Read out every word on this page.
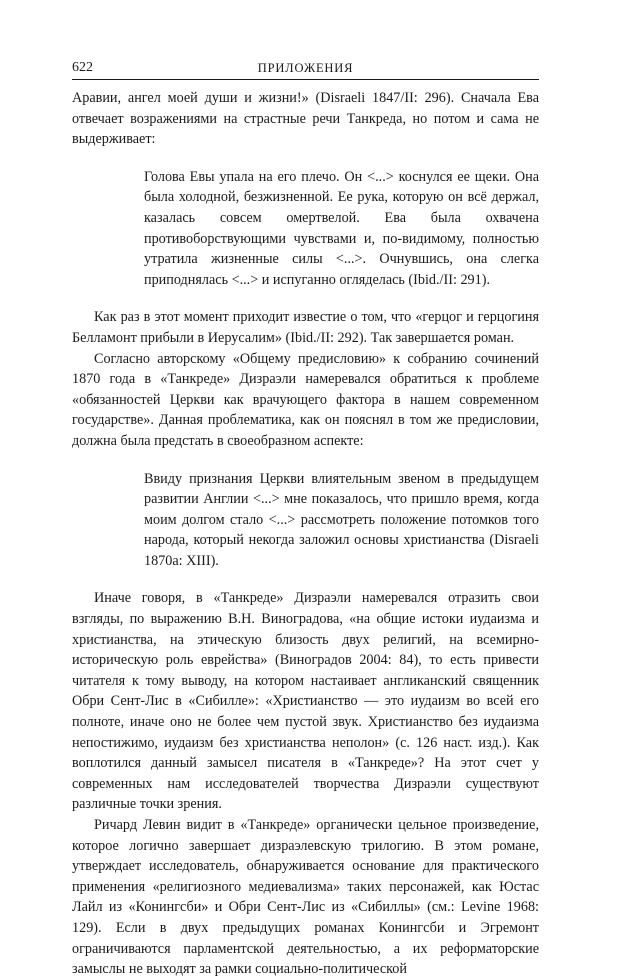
622	ПРИЛОЖЕНИЯ

Аравии, ангел моей души и жизни!» (Disraeli 1847/II: 296). Сначала Ева отвечает возражениями на страстные речи Танкреда, но потом и сама не выдерживает:

Голова Евы упала на его плечо. Он <...> коснулся ее щеки. Она была холодной, безжизненной. Ее рука, которую он всё держал, казалась совсем омертвелой. Ева была охвачена противоборствующими чувствами и, по-видимому, полностью утратила жизненные силы <...>. Очнувшись, она слегка приподнялась <...> и испуганно огляделась (Ibid./II: 291).

Как раз в этот момент приходит известие о том, что «герцог и герцогиня Белламонт прибыли в Иерусалим» (Ibid./II: 292). Так завершается роман.

Согласно авторскому «Общему предисловию» к собранию сочинений 1870 года в «Танкреде» Дизраэли намеревался обратиться к проблеме «обязанностей Церкви как врачующего фактора в нашем современном государстве». Данная проблематика, как он пояснял в том же предисловии, должна была предстать в своеобразном аспекте:

Ввиду признания Церкви влиятельным звеном в предыдущем развитии Англии <...> мне показалось, что пришло время, когда моим долгом стало <...> рассмотреть положение потомков того народа, который некогда заложил основы христианства (Disraeli 1870a: XIII).

Иначе говоря, в «Танкреде» Дизраэли намеревался отразить свои взгляды, по выражению В.Н. Виноградова, «на общие истоки иудаизма и христианства, на этическую близость двух религий, на всемирно-историческую роль еврейства» (Виноградов 2004: 84), то есть привести читателя к тому выводу, на котором настаивает англиканский священник Обри Сент-Лис в «Сибилле»: «Христианство — это иудаизм во всей его полноте, иначе оно не более чем пустой звук. Христианство без иудаизма непостижимо, иудаизм без христианства неполон» (с. 126 наст. изд.). Как воплотился данный замысел писателя в «Танкреде»? На этот счет у современных нам исследователей творчества Дизраэли существуют различные точки зрения.

Ричард Левин видит в «Танкреде» органически цельное произведение, которое логично завершает дизраэлевскую трилогию. В этом романе, утверждает исследователь, обнаруживается основание для практического применения «религиозного медиевализма» таких персонажей, как Юстас Лайл из «Конингсби» и Обри Сент-Лис из «Сибиллы» (см.: Levine 1968: 129). Если в двух предыдущих романах Конингсби и Эгремонт ограничиваются парламентской деятельностью, а их реформаторские замыслы не выходят за рамки социально-политической
